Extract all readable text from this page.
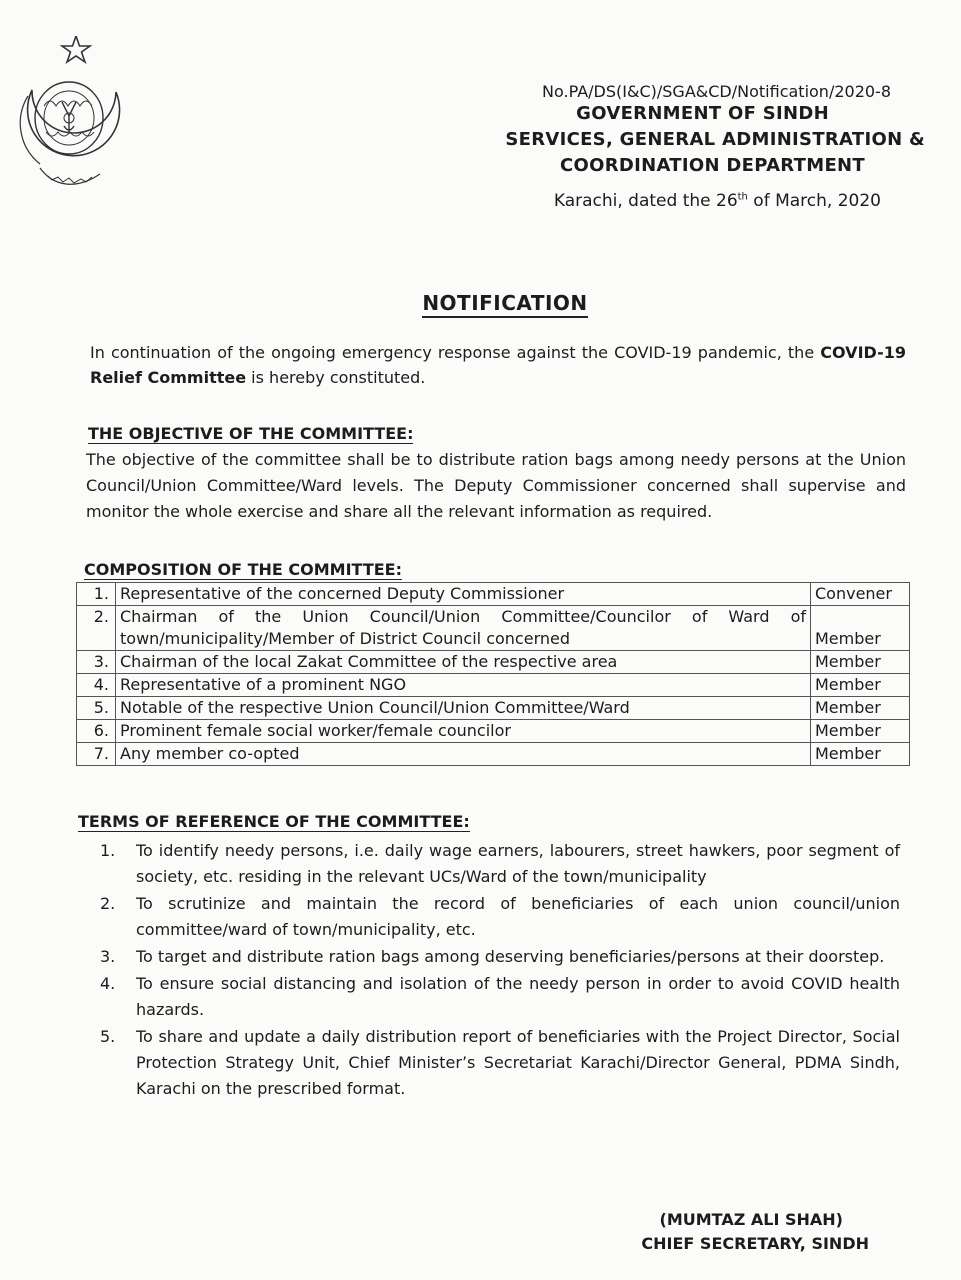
No.PA/DS(I&C)/SGA&CD/Notification/2020-8
GOVERNMENT OF SINDH
SERVICES, GENERAL ADMINISTRATION &
COORDINATION DEPARTMENT
Karachi, dated the 26th of March, 2020
NOTIFICATION
In continuation of the ongoing emergency response against the COVID-19 pandemic, the COVID-19 Relief Committee is hereby constituted.
THE OBJECTIVE OF THE COMMITTEE:
The objective of the committee shall be to distribute ration bags among needy persons at the Union Council/Union Committee/Ward levels. The Deputy Commissioner concerned shall supervise and monitor the whole exercise and share all the relevant information as required.
COMPOSITION OF THE COMMITTEE:
1.	Representative of the concerned Deputy Commissioner	Convener
2.	Chairman of the Union Council/Union Committee/Councilor of Ward of town/municipality/Member of District Council concerned	Member
3.	Chairman of the local Zakat Committee of the respective area	Member
4.	Representative of a prominent NGO	Member
5.	Notable of the respective Union Council/Union Committee/Ward	Member
6.	Prominent female social worker/female councilor	Member
7.	Any member co-opted	Member
TERMS OF REFERENCE OF THE COMMITTEE:
1. To identify needy persons, i.e. daily wage earners, labourers, street hawkers, poor segment of society, etc. residing in the relevant UCs/Ward of the town/municipality
2. To scrutinize and maintain the record of beneficiaries of each union council/union committee/ward of town/municipality, etc.
3. To target and distribute ration bags among deserving beneficiaries/persons at their doorstep.
4. To ensure social distancing and isolation of the needy person in order to avoid COVID health hazards.
5. To share and update a daily distribution report of beneficiaries with the Project Director, Social Protection Strategy Unit, Chief Minister’s Secretariat Karachi/Director General, PDMA Sindh, Karachi on the prescribed format.
(MUMTAZ ALI SHAH)
CHIEF SECRETARY, SINDH
